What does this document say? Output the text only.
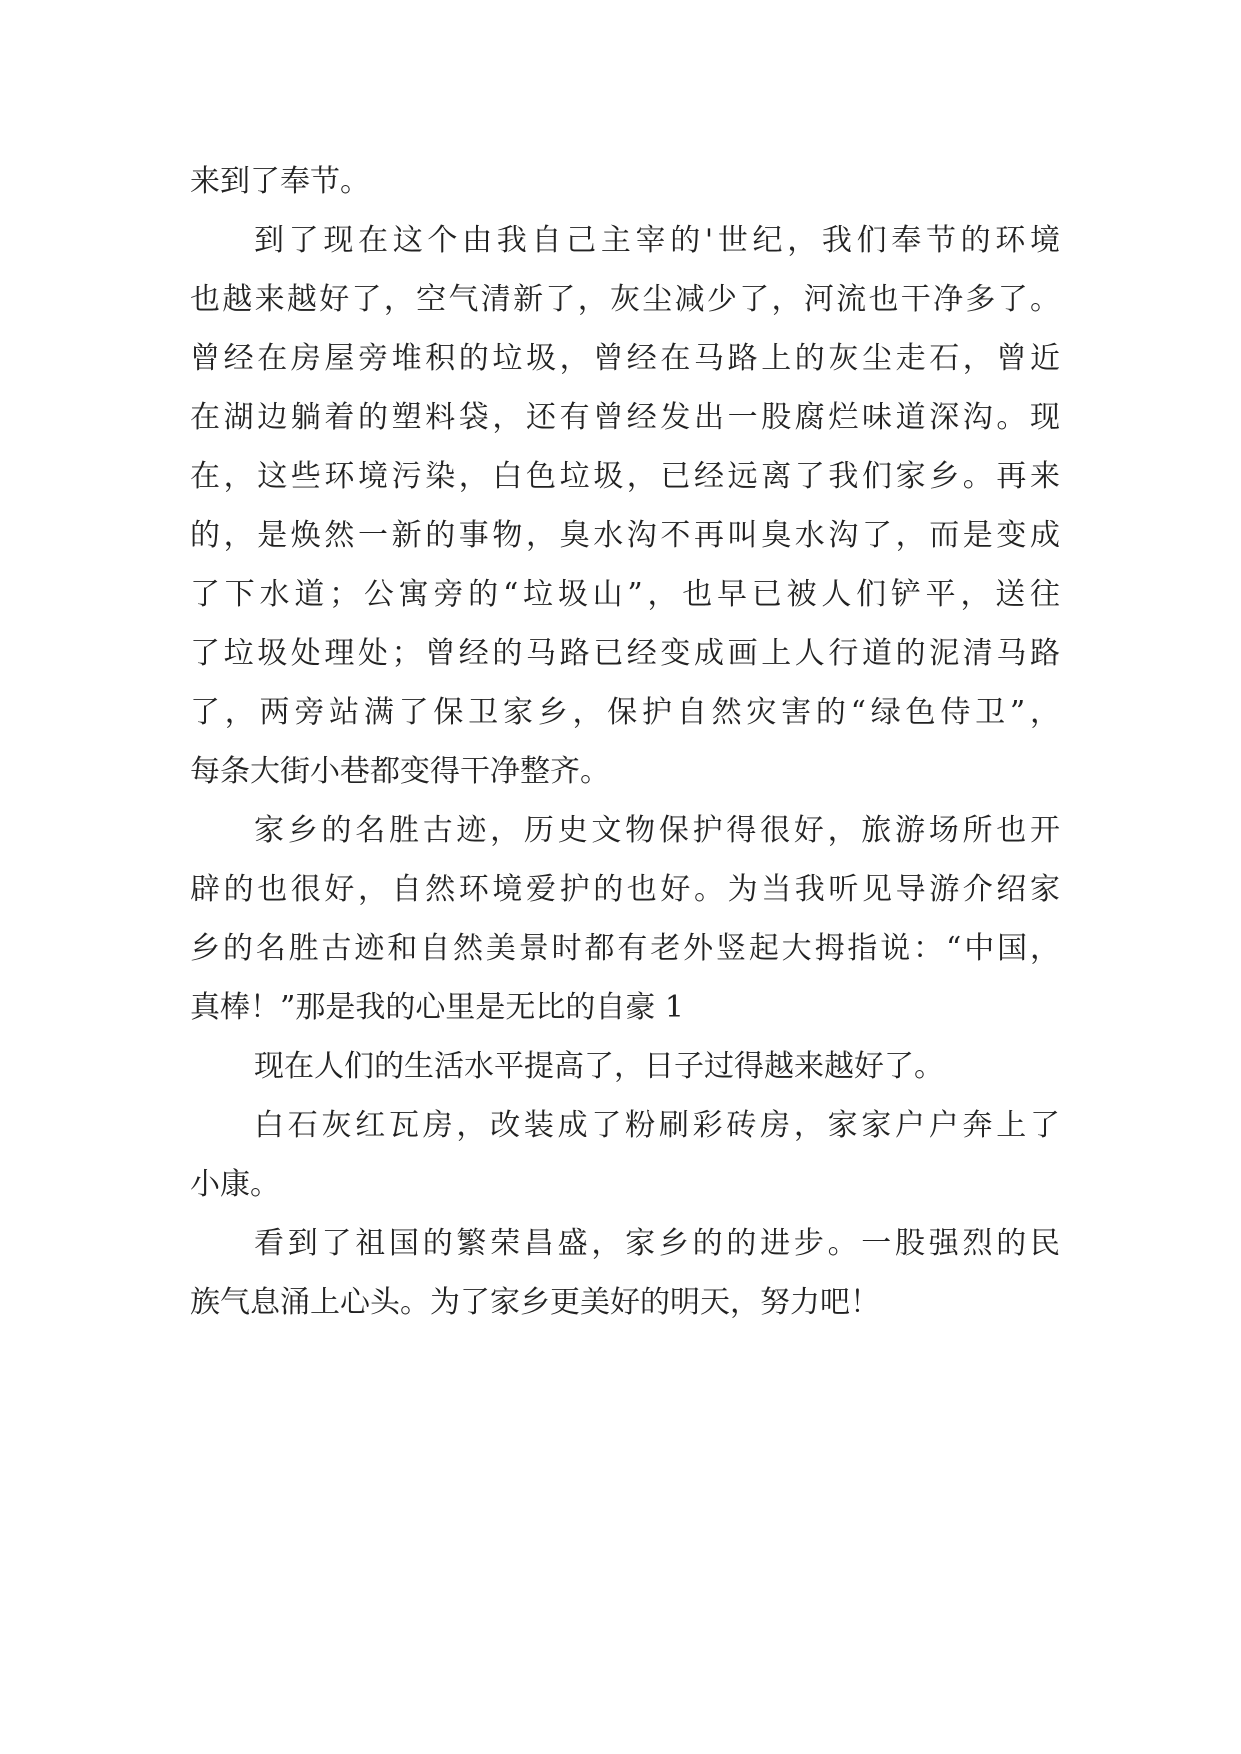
来到了奉节。
到了现在这个由我自己主宰的'世纪，我们奉节的环境
也越来越好了，空气清新了，灰尘减少了，河流也干净多了。
曾经在房屋旁堆积的垃圾，曾经在马路上的灰尘走石，曾近
在湖边躺着的塑料袋，还有曾经发出一股腐烂味道深沟。现
在，这些环境污染，白色垃圾，已经远离了我们家乡。再来
的，是焕然一新的事物，臭水沟不再叫臭水沟了，而是变成
了下水道；公寓旁的“垃圾山”，也早已被人们铲平，送往
了垃圾处理处；曾经的马路已经变成画上人行道的泥清马路
了，两旁站满了保卫家乡，保护自然灾害的“绿色侍卫”，
每条大街小巷都变得干净整齐。
家乡的名胜古迹，历史文物保护得很好，旅游场所也开
辟的也很好，自然环境爱护的也好。为当我听见导游介绍家
乡的名胜古迹和自然美景时都有老外竖起大拇指说：“中国，
真棒！”那是我的心里是无比的自豪 1
现在人们的生活水平提高了，日子过得越来越好了。
白石灰红瓦房，改装成了粉刷彩砖房，家家户户奔上了
小康。
看到了祖国的繁荣昌盛，家乡的的进步。一股强烈的民
族气息涌上心头。为了家乡更美好的明天，努力吧！
